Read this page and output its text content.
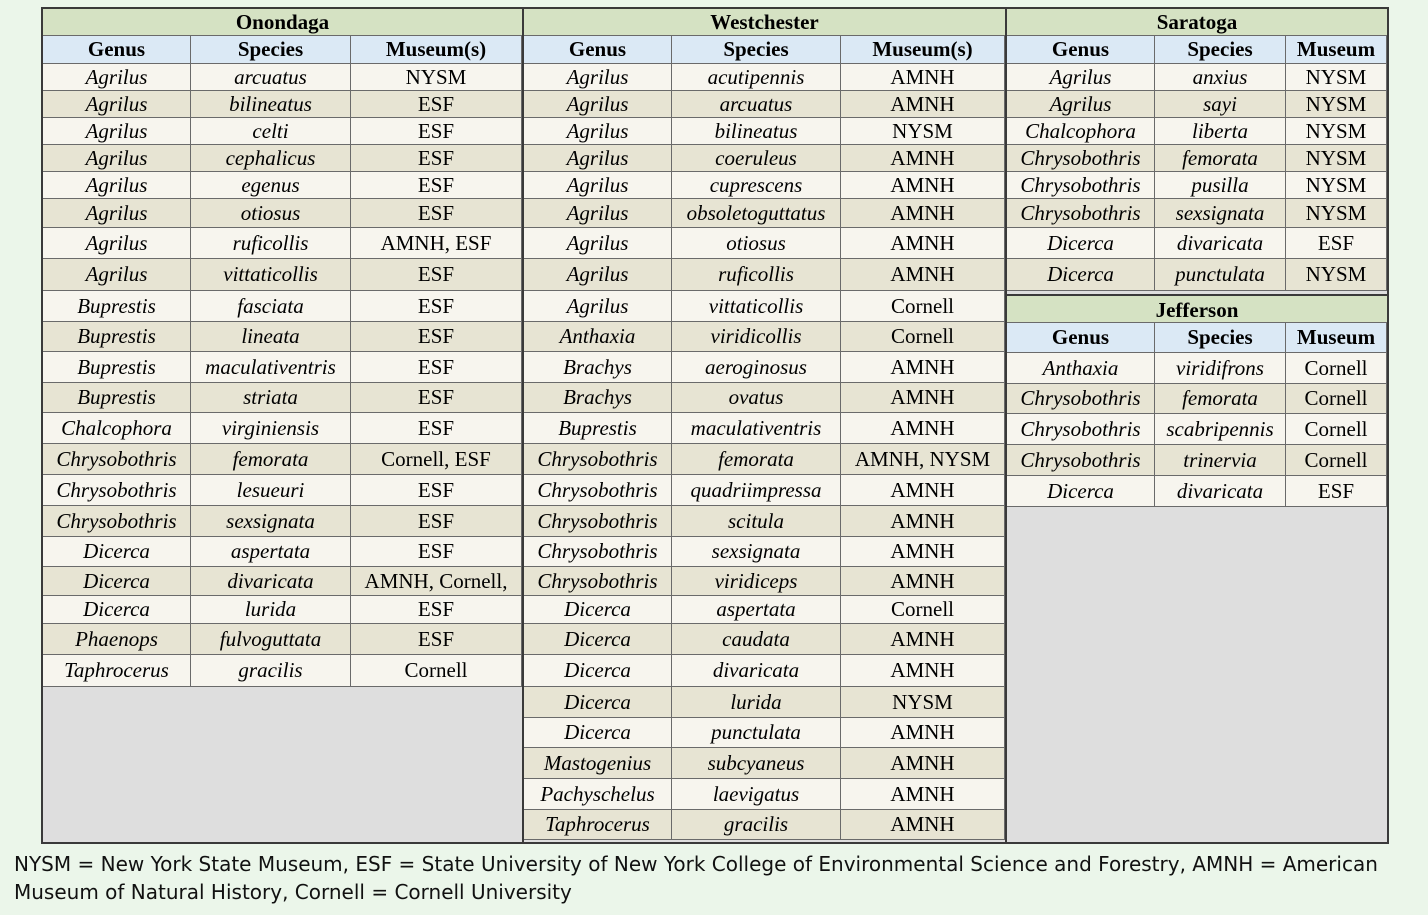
Onondaga
Genus	Species	Museum(s)
Agrilus	arcuatus	NYSM
Agrilus	bilineatus	ESF
Agrilus	celti	ESF
Agrilus	cephalicus	ESF
Agrilus	egenus	ESF
Agrilus	otiosus	ESF
Agrilus	ruficollis	AMNH, ESF
Agrilus	vittaticollis	ESF
Buprestis	fasciata	ESF
Buprestis	lineata	ESF
Buprestis	maculativentris	ESF
Buprestis	striata	ESF
Chalcophora	virginiensis	ESF
Chrysobothris	femorata	Cornell, ESF
Chrysobothris	lesueuri	ESF
Chrysobothris	sexsignata	ESF
Dicerca	aspertata	ESF
Dicerca	divaricata	AMNH, Cornell,
Dicerca	lurida	ESF
Phaenops	fulvoguttata	ESF
Taphrocerus	gracilis	Cornell
Westchester
Genus	Species	Museum(s)
Agrilus	acutipennis	AMNH
Agrilus	arcuatus	AMNH
Agrilus	bilineatus	NYSM
Agrilus	coeruleus	AMNH
Agrilus	cuprescens	AMNH
Agrilus	obsoletoguttatus	AMNH
Agrilus	otiosus	AMNH
Agrilus	ruficollis	AMNH
Agrilus	vittaticollis	Cornell
Anthaxia	viridicollis	Cornell
Brachys	aeroginosus	AMNH
Brachys	ovatus	AMNH
Buprestis	maculativentris	AMNH
Chrysobothris	femorata	AMNH, NYSM
Chrysobothris	quadriimpressa	AMNH
Chrysobothris	scitula	AMNH
Chrysobothris	sexsignata	AMNH
Chrysobothris	viridiceps	AMNH
Dicerca	aspertata	Cornell
Dicerca	caudata	AMNH
Dicerca	divaricata	AMNH
Dicerca	lurida	NYSM
Dicerca	punctulata	AMNH
Mastogenius	subcyaneus	AMNH
Pachyschelus	laevigatus	AMNH
Taphrocerus	gracilis	AMNH
Saratoga
Genus	Species	Museum
Agrilus	anxius	NYSM
Agrilus	sayi	NYSM
Chalcophora	liberta	NYSM
Chrysobothris	femorata	NYSM
Chrysobothris	pusilla	NYSM
Chrysobothris	sexsignata	NYSM
Dicerca	divaricata	ESF
Dicerca	punctulata	NYSM
Jefferson
Genus	Species	Museum
Anthaxia	viridifrons	Cornell
Chrysobothris	femorata	Cornell
Chrysobothris	scabripennis	Cornell
Chrysobothris	trinervia	Cornell
Dicerca	divaricata	ESF
NYSM = New York State Museum, ESF = State University of New York College of Environmental Science and Forestry, AMNH = American Museum of Natural History, Cornell = Cornell University
